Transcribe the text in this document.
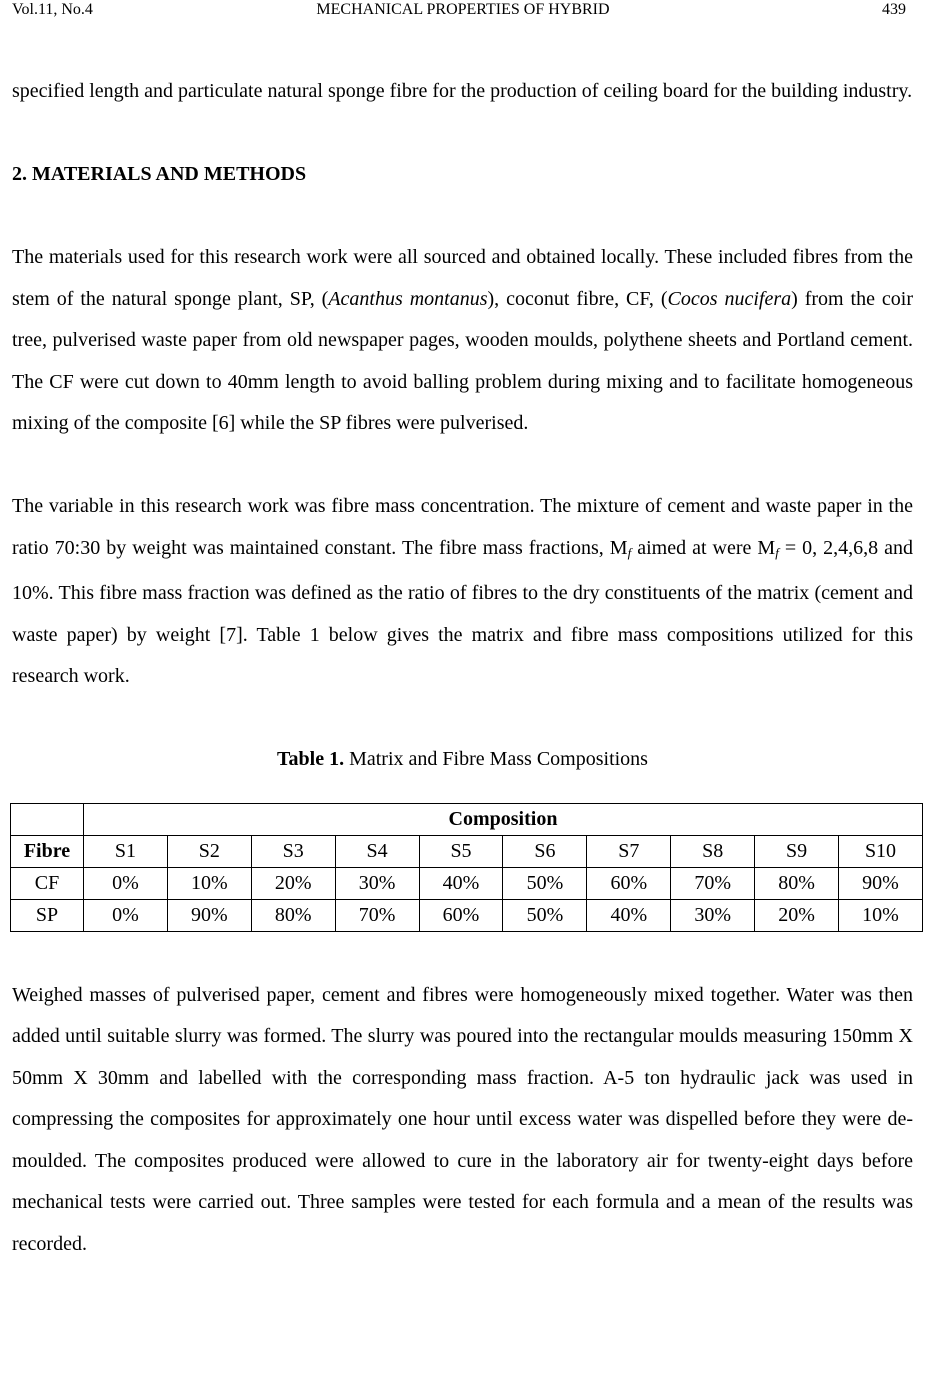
Vol.11, No.4	MECHANICAL PROPERTIES OF HYBRID	439

specified length and particulate natural sponge fibre for the production of ceiling board for the building industry.

2. MATERIALS AND METHODS

The materials used for this research work were all sourced and obtained locally. These included fibres from the stem of the natural sponge plant, SP, (Acanthus montanus), coconut fibre, CF, (Cocos nucifera) from the coir tree, pulverised waste paper from old newspaper pages, wooden moulds, polythene sheets and Portland cement. The CF were cut down to 40mm length to avoid balling problem during mixing and to facilitate homogeneous mixing of the composite [6] while the SP fibres were pulverised.

The variable in this research work was fibre mass concentration. The mixture of cement and waste paper in the ratio 70:30 by weight was maintained constant. The fibre mass fractions, $M_f$ aimed at were $M_f = 0$, 2,4,6,8 and 10%. This fibre mass fraction was defined as the ratio of fibres to the dry constituents of the matrix (cement and waste paper) by weight [7]. Table 1 below gives the matrix and fibre mass compositions utilized for this research work.

Table 1. Matrix and Fibre Mass Compositions

	Composition									
Fibre	S1	S2	S3	S4	S5	S6	S7	S8	S9	S10
CF	0%	10%	20%	30%	40%	50%	60%	70%	80%	90%
SP	0%	90%	80%	70%	60%	50%	40%	30%	20%	10%

Weighed masses of pulverised paper, cement and fibres were homogeneously mixed together. Water was then added until suitable slurry was formed. The slurry was poured into the rectangular moulds measuring 150mm X 50mm X 30mm and labelled with the corresponding mass fraction. A-5 ton hydraulic jack was used in compressing the composites for approximately one hour until excess water was dispelled before they were de-moulded. The composites produced were allowed to cure in the laboratory air for twenty-eight days before mechanical tests were carried out. Three samples were tested for each formula and a mean of the results was recorded.
